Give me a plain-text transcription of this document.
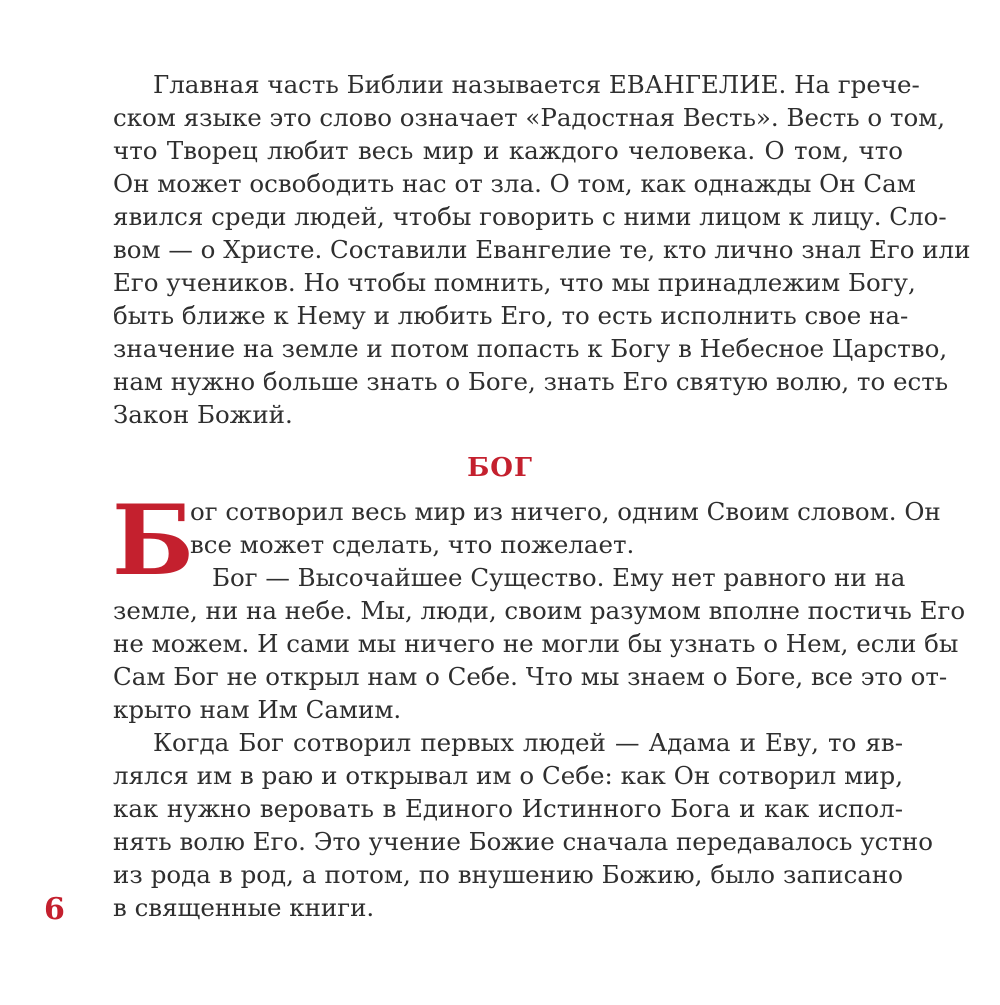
Главная часть Библии называется ЕВАНГЕЛИЕ. На грече-
ском языке это слово означает «Радостная Весть». Весть о том,
что Творец любит весь мир и каждого человека. О том, что
Он может освободить нас от зла. О том, как однажды Он Сам
явился среди людей, чтобы говорить с ними лицом к лицу. Сло-
вом — о Христе. Составили Евангелие те, кто лично знал Его или
Его учеников. Но чтобы помнить, что мы принадлежим Богу,
быть ближе к Нему и любить Его, то есть исполнить свое на-
значение на земле и потом попасть к Богу в Небесное Царство,
нам нужно больше знать о Боге, знать Его святую волю, то есть
Закон Божий.
БОГ
Б
ог сотворил весь мир из ничего, одним Своим словом. Он
все может сделать, что пожелает.
Бог — Высочайшее Существо. Ему нет равного ни на
земле, ни на небе. Мы, люди, своим разумом вполне постичь Его
не можем. И сами мы ничего не могли бы узнать о Нем, если бы
Сам Бог не открыл нам о Себе. Что мы знаем о Боге, все это от-
крыто нам Им Самим.
Когда Бог сотворил первых людей — Адама и Еву, то яв-
лялся им в раю и открывал им о Себе: как Он сотворил мир,
как нужно веровать в Единого Истинного Бога и как испол-
нять волю Его. Это учение Божие сначала передавалось устно
из рода в род, а потом, по внушению Божию, было записано
в священные книги.
6
